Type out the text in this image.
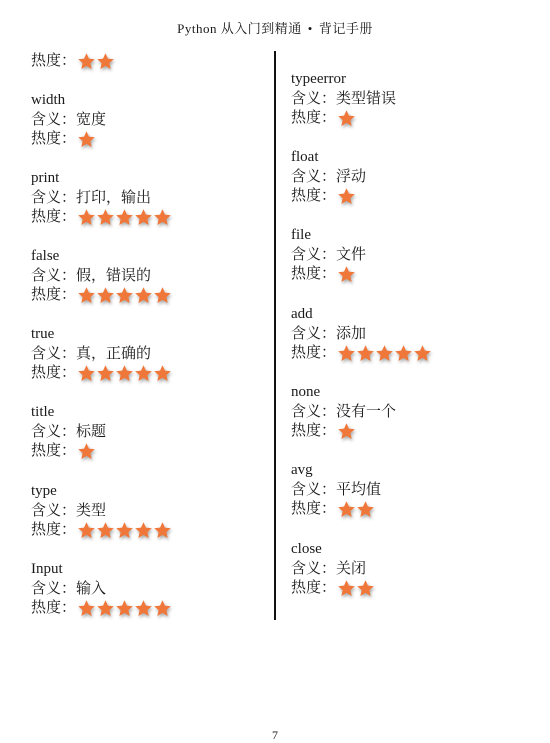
Python 从入门到精通 • 背记手册
热度：
width
含义：宽度
热度：
print
含义：打印，输出
热度：
false
含义：假，错误的
热度：
true
含义：真，正确的
热度：
title
含义：标题
热度：
type
含义：类型
热度：
Input
含义：输入
热度：
typeerror
含义：类型错误
热度：
float
含义：浮动
热度：
file
含义：文件
热度：
add
含义：添加
热度：
none
含义：没有一个
热度：
avg
含义：平均值
热度：
close
含义：关闭
热度：
7
